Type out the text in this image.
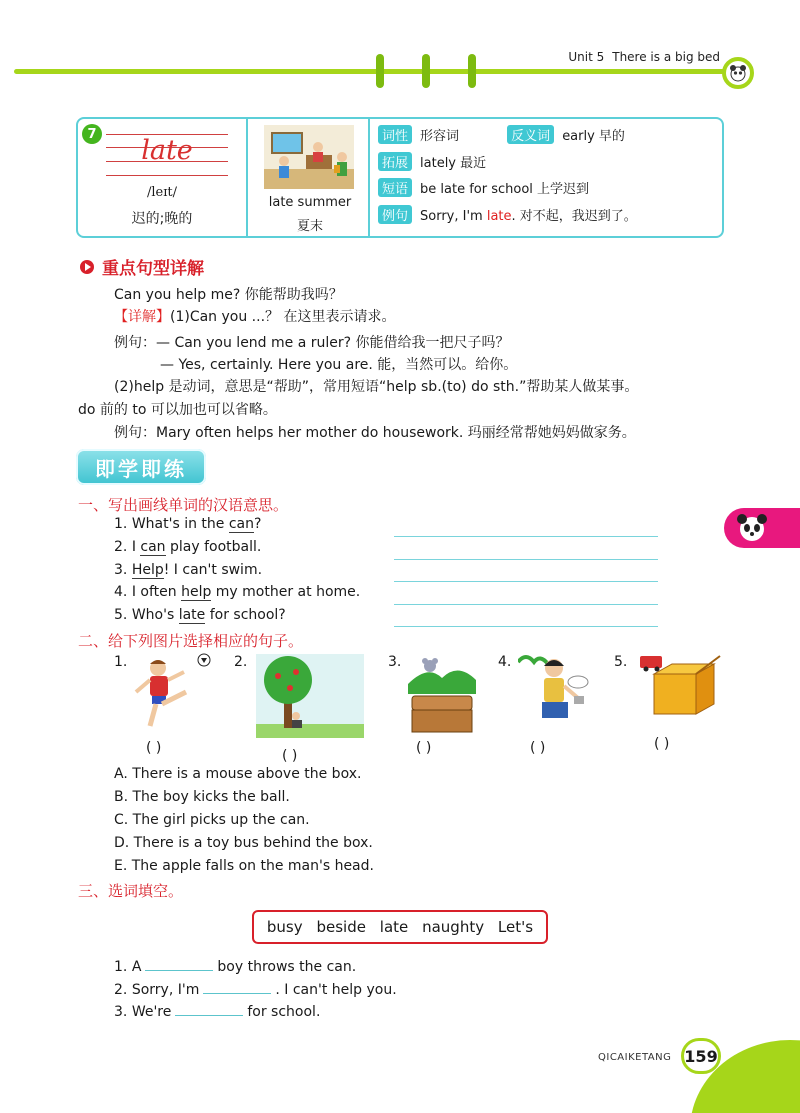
Unit 5 There is a big bed
7
late
/leɪt/
迟的;晚的
late summer
夏末
词性 形容词	反义词 early 早的
拓展 lately 最近
短语 be late for school 上学迟到
例句 Sorry, I'm late. 对不起，我迟到了。
重点句型详解
Can you help me? 你能帮助我吗？
【详解】(1)Can you ...？ 在这里表示请求。
例句：— Can you lend me a ruler? 你能借给我一把尺子吗？
— Yes, certainly. Here you are. 能，当然可以。给你。
(2)help 是动词，意思是“帮助”，常用短语“help sb.(to) do sth.”帮助某人做某事。
do 前的 to 可以加也可以省略。
例句：Mary often helps her mother do housework. 玛丽经常帮她妈妈做家务。
即学即练
一、写出画线单词的汉语意思。
1. What's in the can?
2. I can play football.
3. Help! I can't swim.
4. I often help my mother at home.
5. Who's late for school?
二、给下列图片选择相应的句子。
1.
( )
2.
( )
3.
( )
4.
( )
5.
( )
A. There is a mouse above the box.
B. The boy kicks the ball.
C. The girl picks up the can.
D. There is a toy bus behind the box.
E. The apple falls on the man's head.
三、选词填空。
busy beside late naughty Let's
1. A	boy throws the can.
2. Sorry, I'm	. I can't help you.
3. We're	for school.
QICAIKETANG 159
